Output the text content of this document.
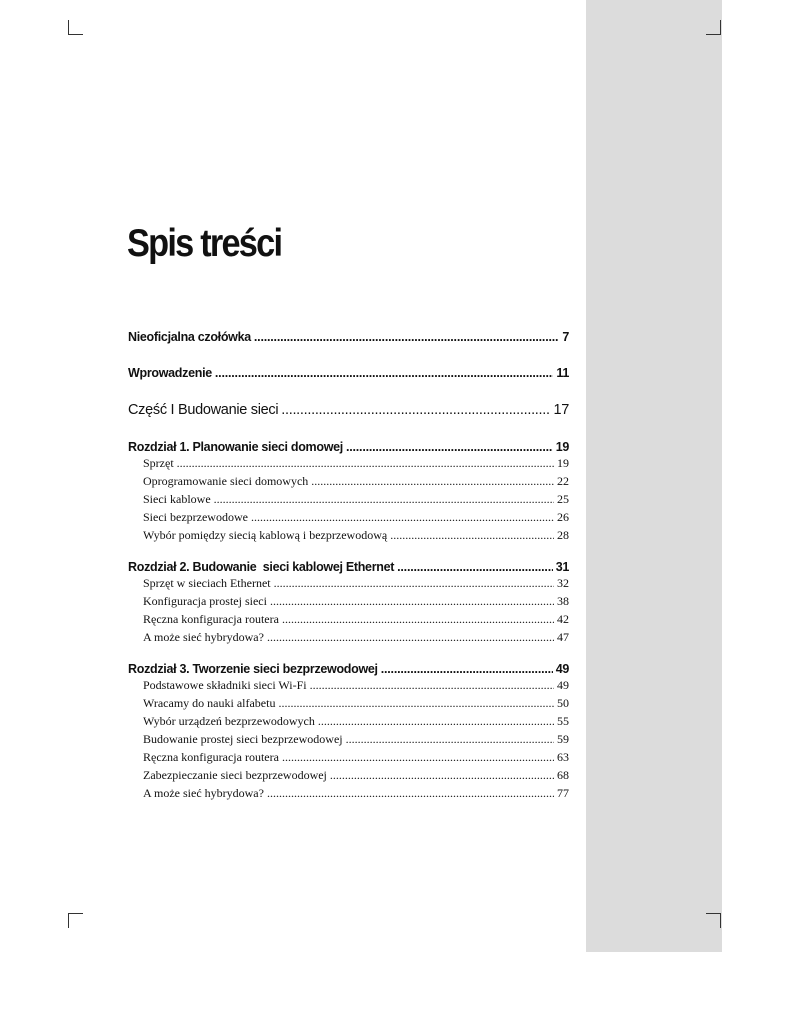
Spis treści
Nieoficjalna czołówka .....	7
Wprowadzenie .....	11
Część I Budowanie sieci .....	17
Rozdział 1. Planowanie sieci domowej .....	19
Sprzęt .....	19
Oprogramowanie sieci domowych .....	22
Sieci kablowe .....	25
Sieci bezprzewodowe .....	26
Wybór pomiędzy siecią kablową i bezprzewodową .....	28
Rozdział 2. Budowanie  sieci kablowej Ethernet .....	31
Sprzęt w sieciach Ethernet .....	32
Konfiguracja prostej sieci .....	38
Ręczna konfiguracja routera .....	42
A może sieć hybrydowa? .....	47
Rozdział 3. Tworzenie sieci bezprzewodowej .....	49
Podstawowe składniki sieci Wi-Fi .....	49
Wracamy do nauki alfabetu .....	50
Wybór urządzeń bezprzewodowych .....	55
Budowanie prostej sieci bezprzewodowej .....	59
Ręczna konfiguracja routera .....	63
Zabezpieczanie sieci bezprzewodowej .....	68
A może sieć hybrydowa? .....	77
